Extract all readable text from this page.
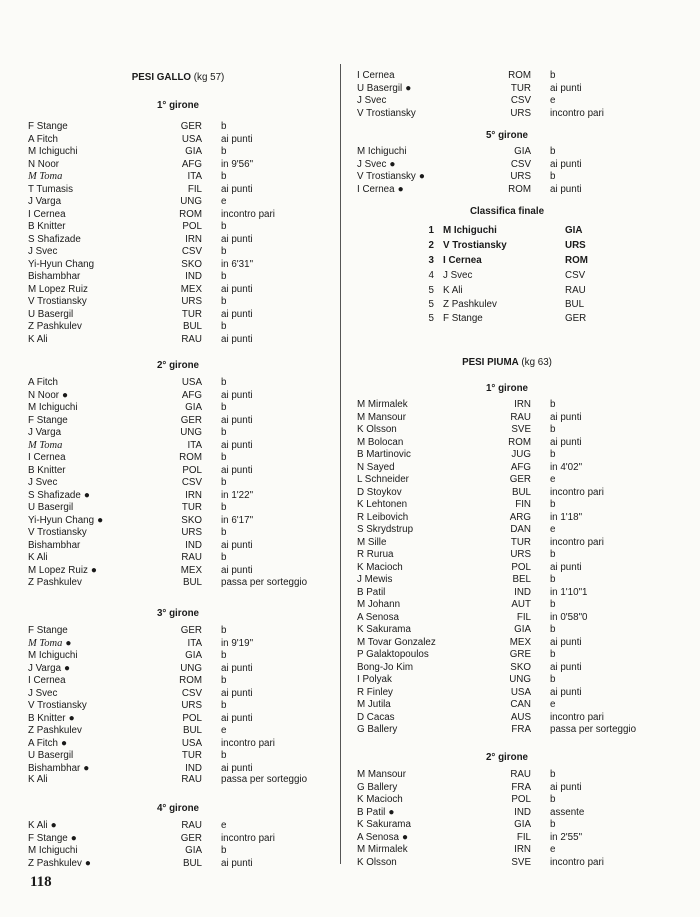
PESI GALLO (kg 57)
1° girone
F Stange	GER b
A Fitch	USA ai punti
M Ichiguchi	GIA b
N Noor	AFG in 9'56"
M Toma	ITA b
T Tumasis	FIL ai punti
J Varga	UNG e
I Cernea	ROM incontro pari
B Knitter	POL b
S Shafizade	IRN ai punti
J Svec	CSV b
Yi-Hyun Chang	SKO in 6'31"
Bishambhar	IND b
M Lopez Ruiz	MEX ai punti
V Trostiansky	URS b
U Basergil	TUR ai punti
Z Pashkulev	BUL b
K Ali	RAU ai punti
2° girone
A Fitch	USA b
N Noor ●	AFG ai punti
M Ichiguchi	GIA b
F Stange	GER ai punti
J Varga	UNG b
M Toma	ITA ai punti
I Cernea	ROM b
B Knitter	POL ai punti
J Svec	CSV b
S Shafizade ●	IRN in 1'22"
U Basergil	TUR b
Yi-Hyun Chang ●	SKO in 6'17"
V Trostiansky	URS b
Bishambhar	IND ai punti
K Ali	RAU b
M Lopez Ruiz ●	MEX ai punti
Z Pashkulev	BUL passa per sorteggio
3° girone
F Stange	GER b
M Toma ●	ITA in 9'19"
M Ichiguchi	GIA b
J Varga ●	UNG ai punti
I Cernea	ROM b
J Svec	CSV ai punti
V Trostiansky	URS b
B Knitter ●	POL ai punti
Z Pashkulev	BUL e
A Fitch ●	USA incontro pari
U Basergil	TUR b
Bishambhar ●	IND ai punti
K Ali	RAU passa per sorteggio
4° girone
K Ali ●	RAU e
F Stange ●	GER incontro pari
M Ichiguchi	GIA b
Z Pashkulev ●	BUL ai punti
I Cernea	ROM b
U Basergil ●	TUR ai punti
J Svec	CSV e
V Trostiansky	URS incontro pari
5° girone
M Ichiguchi	GIA b
J Svec ●	CSV ai punti
V Trostiansky ●	URS b
I Cernea ●	ROM ai punti
Classifica finale
1 M Ichiguchi	GIA
2 V Trostiansky	URS
3 I Cernea	ROM
4 J Svec	CSV
5 K Ali	RAU
5 Z Pashkulev	BUL
5 F Stange	GER
PESI PIUMA (kg 63)
1° girone
M Mirmalek	IRN b
M Mansour	RAU ai punti
K Olsson	SVE b
M Bolocan	ROM ai punti
B Martinovic	JUG b
N Sayed	AFG in 4'02"
L Schneider	GER e
D Stoykov	BUL incontro pari
K Lehtonen	FIN b
R Leibovich	ARG in 1'18"
S Skrydstrup	DAN e
M Sille	TUR incontro pari
R Rurua	URS b
K Macioch	POL ai punti
J Mewis	BEL b
B Patil	IND in 1'10"1
M Johann	AUT b
A Senosa	FIL in 0'58"0
K Sakurama	GIA b
M Tovar Gonzalez	MEX ai punti
P Galaktopoulos	GRE b
Bong-Jo Kim	SKO ai punti
I Polyak	UNG b
R Finley	USA ai punti
M Jutila	CAN e
D Cacas	AUS incontro pari
G Ballery	FRA passa per sorteggio
2° girone
M Mansour	RAU b
G Ballery	FRA ai punti
K Macioch	POL b
B Patil ●	IND assente
K Sakurama	GIA b
A Senosa ●	FIL in 2'55"
M Mirmalek	IRN e
K Olsson	SVE incontro pari
118
